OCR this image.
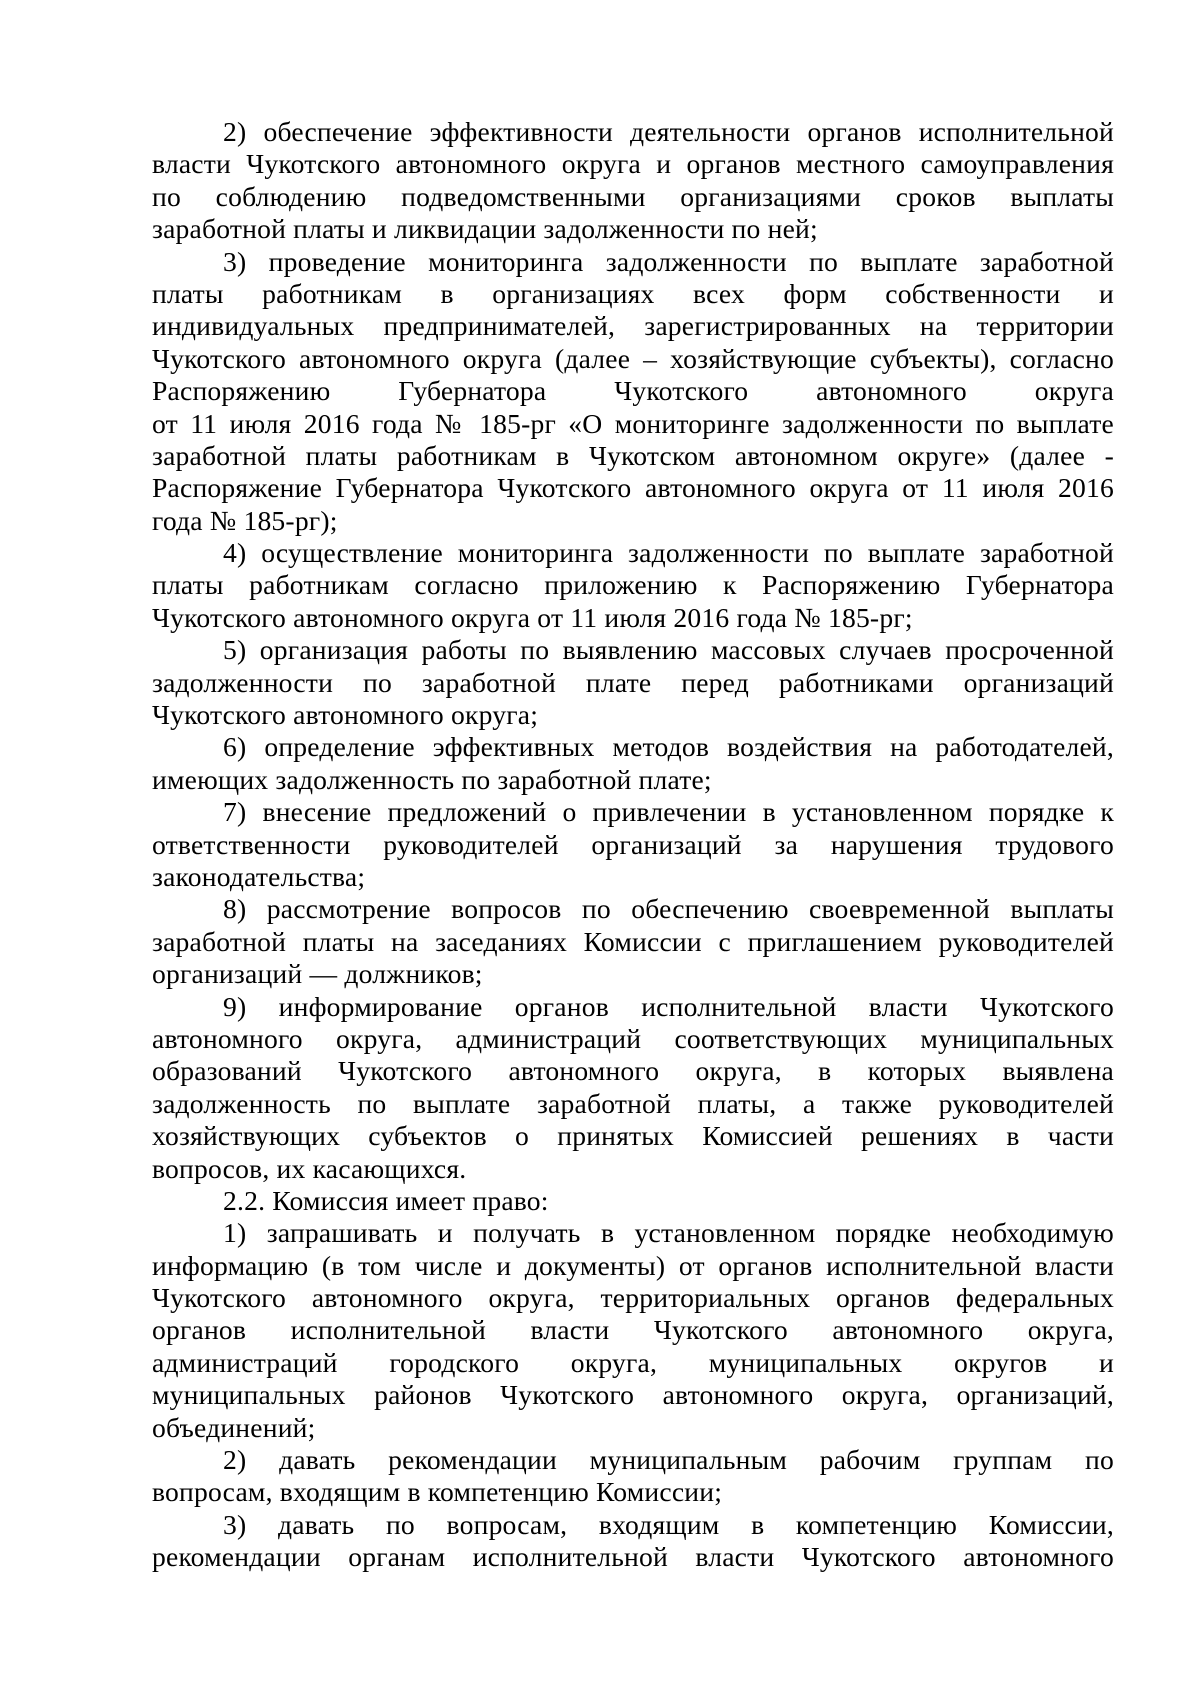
2) обеспечение эффективности деятельности органов исполнительной
власти Чукотского автономного округа и органов местного самоуправления
по соблюдению подведомственными организациями сроков выплаты
заработной платы и ликвидации задолженности по ней;
3) проведение мониторинга задолженности по выплате заработной
платы работникам в организациях всех форм собственности и
индивидуальных предпринимателей, зарегистрированных на территории
Чукотского автономного округа (далее – хозяйствующие субъекты), согласно
Распоряжению Губернатора Чукотского автономного округа
от 11 июля 2016 года № 185-рг «О мониторинге задолженности по выплате
заработной платы работникам в Чукотском автономном округе» (далее -
Распоряжение Губернатора Чукотского автономного округа от 11 июля 2016
года № 185-рг);
4) осуществление мониторинга задолженности по выплате заработной
платы работникам согласно приложению к Распоряжению Губернатора
Чукотского автономного округа от 11 июля 2016 года № 185-рг;
5) организация работы по выявлению массовых случаев просроченной
задолженности по заработной плате перед работниками организаций
Чукотского автономного округа;
6) определение эффективных методов воздействия на работодателей,
имеющих задолженность по заработной плате;
7) внесение предложений о привлечении в установленном порядке к
ответственности руководителей организаций за нарушения трудового
законодательства;
8) рассмотрение вопросов по обеспечению своевременной выплаты
заработной платы на заседаниях Комиссии с приглашением руководителей
организаций — должников;
9) информирование органов исполнительной власти Чукотского
автономного округа, администраций соответствующих муниципальных
образований Чукотского автономного округа, в которых выявлена
задолженность по выплате заработной платы, а также руководителей
хозяйствующих субъектов о принятых Комиссией решениях в части
вопросов, их касающихся.
2.2. Комиссия имеет право:
1) запрашивать и получать в установленном порядке необходимую
информацию (в том числе и документы) от органов исполнительной власти
Чукотского автономного округа, территориальных органов федеральных
органов исполнительной власти Чукотского автономного округа,
администраций городского округа, муниципальных округов и
муниципальных районов Чукотского автономного округа, организаций,
объединений;
2) давать рекомендации муниципальным рабочим группам по
вопросам, входящим в компетенцию Комиссии;
3) давать по вопросам, входящим в компетенцию Комиссии,
рекомендации органам исполнительной власти Чукотского автономного
